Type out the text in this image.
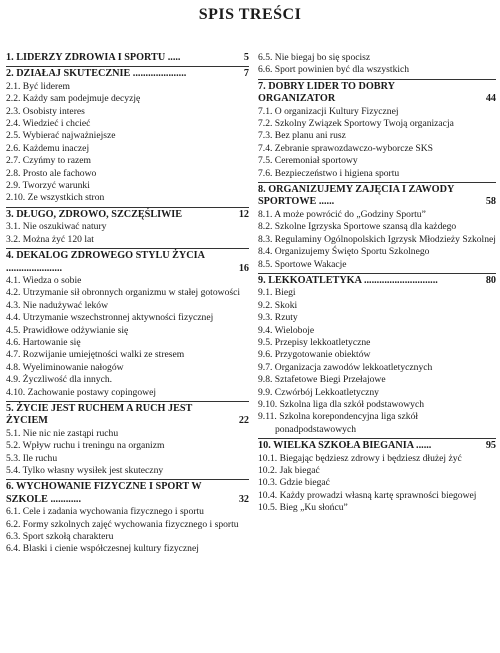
SPIS TREŚCI
1. LIDERZY ZDROWIA I SPORTU .....	5
2. DZIAŁAJ SKUTECZNIE .....................	7
2.1. Być liderem
2.2. Każdy sam podejmuje decyzję
2.3. Osobisty interes
2.4. Wiedzieć i chcieć
2.5. Wybierać najważniejsze
2.6. Każdemu inaczej
2.7. Czyńmy to razem
2.8. Prosto ale fachowo
2.9. Tworzyć warunki
2.10. Ze wszystkich stron
3. DŁUGO, ZDROWO, SZCZĘŚLIWIE	12
3.1. Nie oszukiwać natury
3.2. Można żyć 120 lat
4. DEKALOG ZDROWEGO STYLU ŻYCIA ......................	16
4.1. Wiedza o sobie
4.2. Utrzymanie sił obronnych organizmu w stałej gotowości
4.3. Nie nadużywać leków
4.4. Utrzymanie wszechstronnej aktywności fizycznej
4.5. Prawidłowe odżywianie się
4.6. Hartowanie się
4.7. Rozwijanie umiejętności walki ze stresem
4.8. Wyeliminowanie nałogów
4.9. Życzliwość dla innych.
4.10. Zachowanie postawy copingowej
5. ŻYCIE JEST RUCHEM A RUCH JEST ŻYCIEM	22
5.1. Nie nic nie zastąpi ruchu
5.2. Wpływ ruchu i treningu na organizm
5.3. Ile ruchu
5.4. Tylko własny wysiłek jest skuteczny
6. WYCHOWANIE FIZYCZNE I SPORT W SZKOLE ............	32
6.1. Cele i zadania wychowania fizycznego i sportu
6.2. Formy szkolnych zajęć wychowania fizycznego i sportu
6.3. Sport szkołą charakteru
6.4. Blaski i cienie współczesnej kultury fizycznej
6.5. Nie biegaj bo się spocisz
6.6. Sport powinien być dla wszystkich
7. DOBRY LIDER TO DOBRY ORGANIZATOR	44
7.1. O organizacji Kultury Fizycznej
7.2. Szkolny Związek Sportowy Twoją organizacja
7.3. Bez planu ani rusz
7.4. Zebranie sprawozdawczo-wyborcze SKS
7.5. Ceremoniał sportowy
7.6. Bezpieczeństwo i higiena sportu
8. ORGANIZUJEMY ZAJĘCIA I ZAWODY SPORTOWE ......	58
8.1. A może powrócić do „Godziny Sportu”
8.2. Szkolne Igrzyska Sportowe szansą dla każdego
8.3. Regulaminy Ogólnopolskich Igrzysk Młodzieży Szkolnej
8.4. Organizujemy Święto Sportu Szkolnego
8.5. Sportowe Wakacje
9. LEKKOATLETYKA .............................	80
9.1. Biegi
9.2. Skoki
9.3. Rzuty
9.4. Wieloboje
9.5. Przepisy lekkoatletyczne
9.6. Przygotowanie obiektów
9.7. Organizacja zawodów lekkoatletycznych
9.8. Sztafetowe Biegi Przełajowe
9.9. Czwórbój Lekkoatletyczny
9.10. Szkolna liga dla szkół podstawowych
9.11. Szkolna korepondencyjna liga szkół ponadpodstawowych
10. WIELKA SZKOŁA BIEGANIA ......	95
10.1. Biegając będziesz zdrowy i będziesz dłużej żyć
10.2. Jak biegać
10.3. Gdzie biegać
10.4. Każdy prowadzi własną kartę sprawności biegowej
10.5. Bieg „Ku słońcu”
